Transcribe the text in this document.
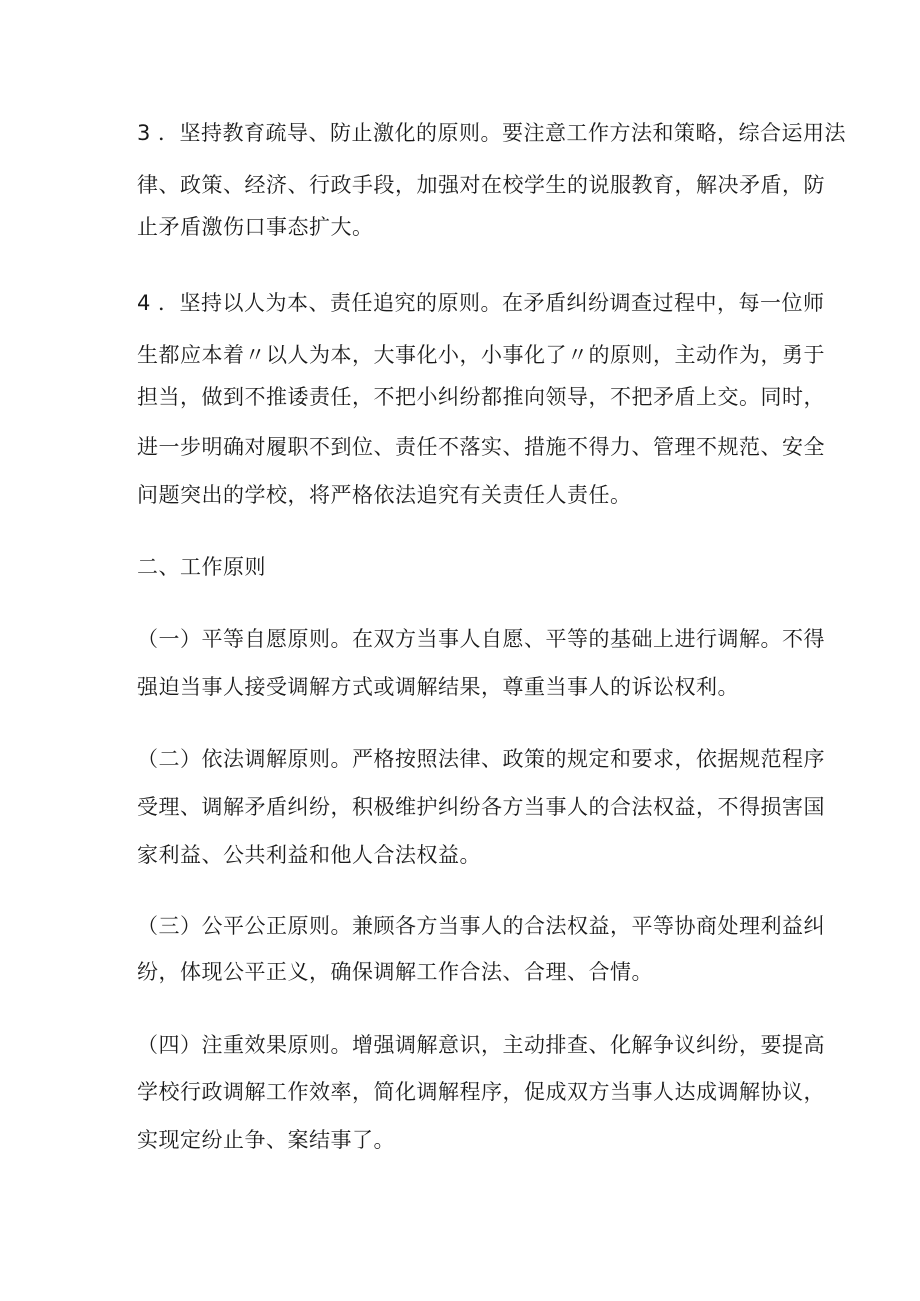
3 ．坚持教育疏导、防止激化的原则。要注意工作方法和策略，综合运用法

律、政策、经济、行政手段，加强对在校学生的说服教育，解决矛盾，防

止矛盾激伤口事态扩大。

4 ．坚持以人为本、责任追究的原则。在矛盾纠纷调查过程中，每一位师

生都应本着〃以人为本，大事化小，小事化了〃的原则，主动作为，勇于

担当，做到不推诿责任，不把小纠纷都推向领导，不把矛盾上交。同时，

进一步明确对履职不到位、责任不落实、措施不得力、管理不规范、安全

问题突出的学校，将严格依法追究有关责任人责任。

二、工作原则

（一）平等自愿原则。在双方当事人自愿、平等的基础上进行调解。不得

强迫当事人接受调解方式或调解结果，尊重当事人的诉讼权利。

（二）依法调解原则。严格按照法律、政策的规定和要求，依据规范程序

受理、调解矛盾纠纷，积极维护纠纷各方当事人的合法权益，不得损害国

家利益、公共利益和他人合法权益。

（三）公平公正原则。兼顾各方当事人的合法权益，平等协商处理利益纠

纷，体现公平正义，确保调解工作合法、合理、合情。

（四）注重效果原则。增强调解意识，主动排查、化解争议纠纷，要提高

学校行政调解工作效率，简化调解程序，促成双方当事人达成调解协议，

实现定纷止争、案结事了。
